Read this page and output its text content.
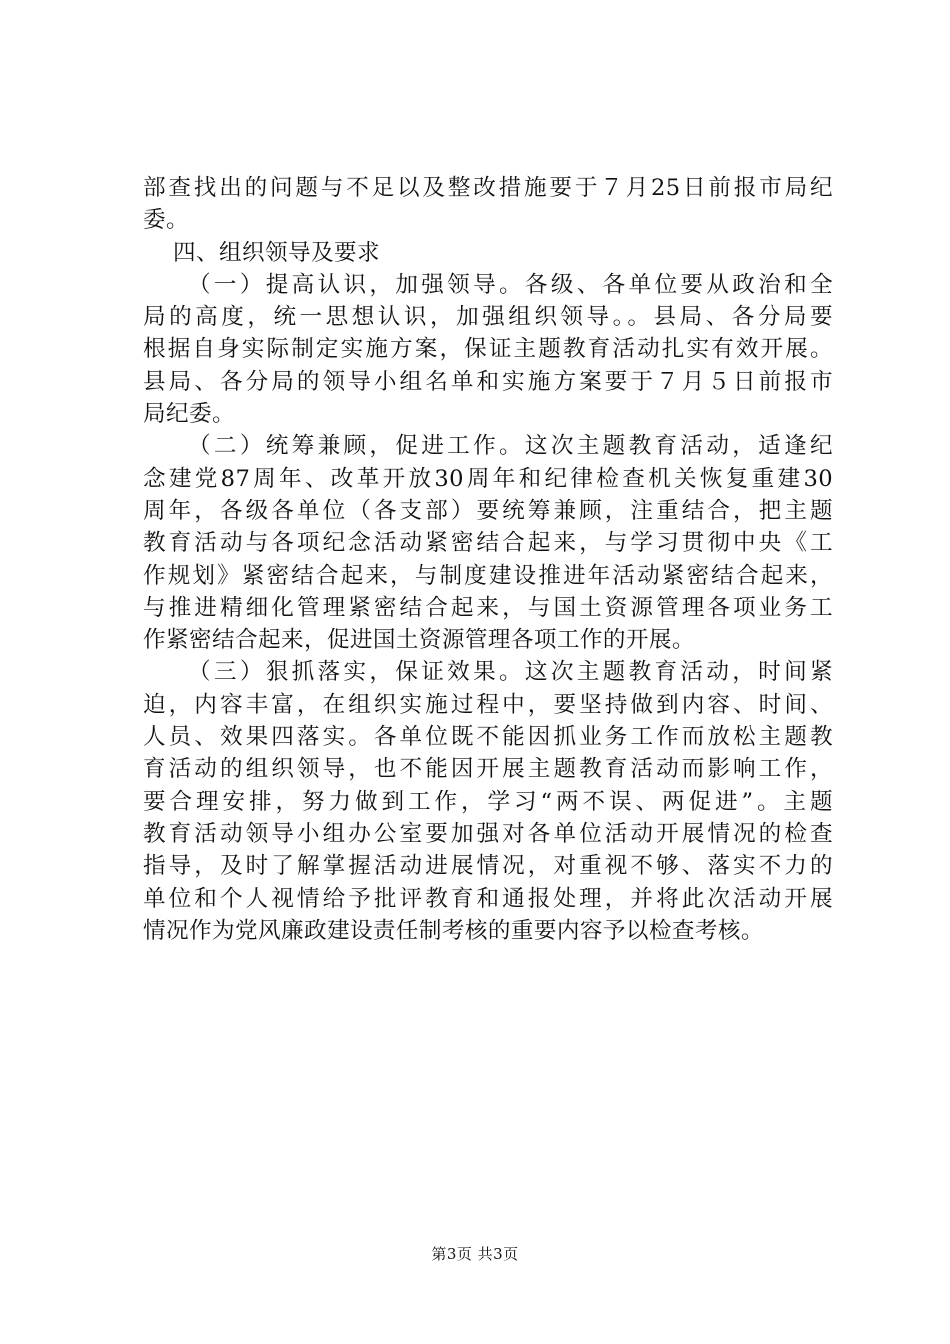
部查找出的问题与不足以及整改措施要于７月25日前报市局纪
委。
四、组织领导及要求
（一）提高认识，加强领导。各级、各单位要从政治和全
局的高度，统一思想认识，加强组织领导。。县局、各分局要
根据自身实际制定实施方案，保证主题教育活动扎实有效开展。
县局、各分局的领导小组名单和实施方案要于７月５日前报市
局纪委。
（二）统筹兼顾，促进工作。这次主题教育活动，适逢纪
念建党87周年、改革开放30周年和纪律检查机关恢复重建30
周年，各级各单位（各支部）要统筹兼顾，注重结合，把主题
教育活动与各项纪念活动紧密结合起来，与学习贯彻中央《工
作规划》紧密结合起来，与制度建设推进年活动紧密结合起来，
与推进精细化管理紧密结合起来，与国土资源管理各项业务工
作紧密结合起来，促进国土资源管理各项工作的开展。
（三）狠抓落实，保证效果。这次主题教育活动，时间紧
迫，内容丰富，在组织实施过程中，要坚持做到内容、时间、
人员、效果四落实。各单位既不能因抓业务工作而放松主题教
育活动的组织领导，也不能因开展主题教育活动而影响工作，
要合理安排，努力做到工作，学习“两不误、两促进”。主题
教育活动领导小组办公室要加强对各单位活动开展情况的检查
指导，及时了解掌握活动进展情况，对重视不够、落实不力的
单位和个人视情给予批评教育和通报处理，并将此次活动开展
情况作为党风廉政建设责任制考核的重要内容予以检查考核。
第3页 共3页
